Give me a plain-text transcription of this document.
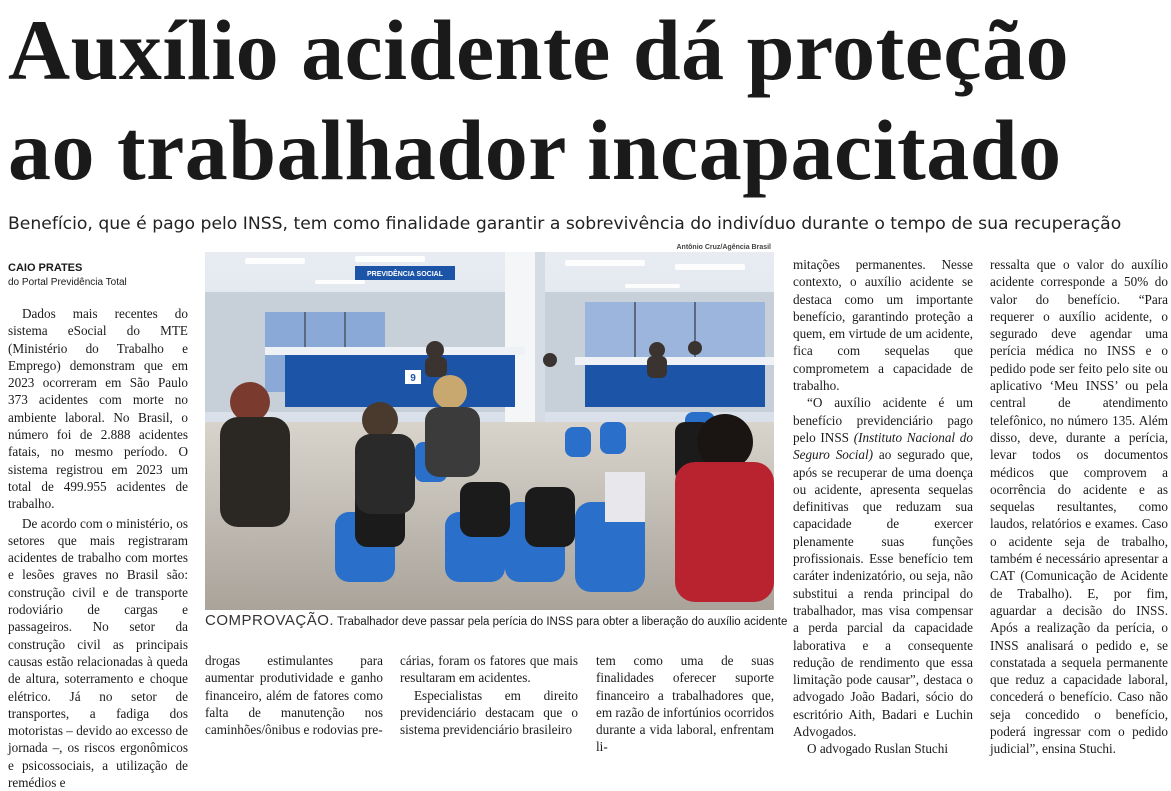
Auxílio acidente dá proteção
ao trabalhador incapacitado

Benefício, que é pago pelo INSS, tem como finalidade garantir a sobrevivência do indivíduo durante o tempo de sua recuperação

CAIO PRATES
do Portal Previdência Total

Dados mais recentes do sistema eSocial do MTE (Ministério do Trabalho e Emprego) demonstram que em 2023 ocorreram em São Paulo 373 acidentes com morte no ambiente laboral. No Brasil, o número foi de 2.888 acidentes fatais, no mesmo período. O sistema registrou em 2023 um total de 499.955 acidentes de trabalho.

De acordo com o ministério, os setores que mais registraram acidentes de trabalho com mortes e lesões graves no Brasil são: construção civil e de transporte rodoviário de cargas e passageiros. No setor da construção civil as principais causas estão relacionadas à queda de altura, soterramento e choque elétrico. Já no setor de transportes, a fadiga dos motoristas – devido ao excesso de jornada –, os riscos ergonômicos e psicossociais, a utilização de remédios e

Antônio Cruz/Agência Brasil
PREVIDÊNCIA SOCIAL
9
COMPROVAÇÃO. Trabalhador deve passar pela perícia do INSS para obter a liberação do auxílio acidente

drogas estimulantes para aumentar produtividade e ganho financeiro, além de fatores como falta de manutenção nos caminhões/ônibus e rodovias pre-

cárias, foram os fatores que mais resultaram em acidentes.

Especialistas em direito previdenciário destacam que o sistema previdenciário brasileiro

tem como uma de suas finalidades oferecer suporte financeiro a trabalhadores que, em razão de infortúnios ocorridos durante a vida laboral, enfrentam li-

mitações permanentes. Nesse contexto, o auxílio acidente se destaca como um importante benefício, garantindo proteção a quem, em virtude de um acidente, fica com sequelas que comprometem a capacidade de trabalho.

“O auxílio acidente é um benefício previdenciário pago pelo INSS (Instituto Nacional do Seguro Social) ao segurado que, após se recuperar de uma doença ou acidente, apresenta sequelas definitivas que reduzam sua capacidade de exercer plenamente suas funções profissionais. Esse benefício tem caráter indenizatório, ou seja, não substitui a renda principal do trabalhador, mas visa compensar a perda parcial da capacidade laborativa e a consequente redução de rendimento que essa limitação pode causar”, destaca o advogado João Badari, sócio do escritório Aith, Badari e Luchin Advogados.

O advogado Ruslan Stuchi

ressalta que o valor do auxílio acidente corresponde a 50% do valor do benefício. “Para requerer o auxílio acidente, o segurado deve agendar uma perícia médica no INSS e o pedido pode ser feito pelo site ou aplicativo ‘Meu INSS’ ou pela central de atendimento telefônico, no número 135. Além disso, deve, durante a perícia, levar todos os documentos médicos que comprovem a ocorrência do acidente e as sequelas resultantes, como laudos, relatórios e exames. Caso o acidente seja de trabalho, também é necessário apresentar a CAT (Comunicação de Acidente de Trabalho). E, por fim, aguardar a decisão do INSS. Após a realização da perícia, o INSS analisará o pedido e, se constatada a sequela permanente que reduz a capacidade laboral, concederá o benefício. Caso não seja concedido o benefício, poderá ingressar com o pedido judicial”, ensina Stuchi.
